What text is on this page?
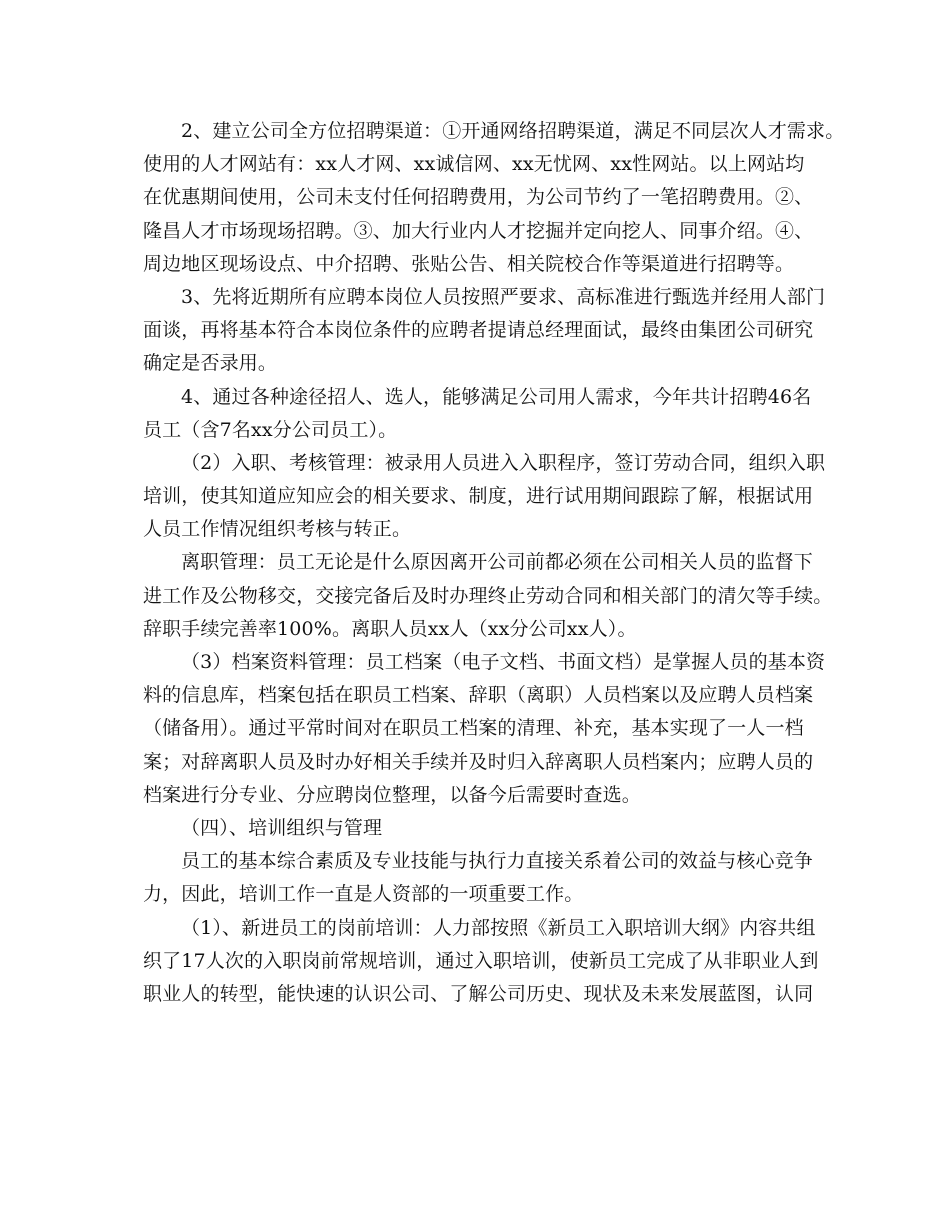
2、建立公司全方位招聘渠道：①开通网络招聘渠道，满足不同层次人才需求。
使用的人才网站有：xx人才网、xx诚信网、xx无忧网、xx性网站。以上网站均
在优惠期间使用，公司未支付任何招聘费用，为公司节约了一笔招聘费用。②、
隆昌人才市场现场招聘。③、加大行业内人才挖掘并定向挖人、同事介绍。④、
周边地区现场设点、中介招聘、张贴公告、相关院校合作等渠道进行招聘等。
3、先将近期所有应聘本岗位人员按照严要求、高标准进行甄选并经用人部门
面谈，再将基本符合本岗位条件的应聘者提请总经理面试，最终由集团公司研究
确定是否录用。
4、通过各种途径招人、选人，能够满足公司用人需求，今年共计招聘46名
员工（含7名xx分公司员工）。
（2）入职、考核管理：被录用人员进入入职程序，签订劳动合同，组织入职
培训，使其知道应知应会的相关要求、制度，进行试用期间跟踪了解，根据试用
人员工作情况组织考核与转正。
离职管理：员工无论是什么原因离开公司前都必须在公司相关人员的监督下
进工作及公物移交，交接完备后及时办理终止劳动合同和相关部门的清欠等手续。
辞职手续完善率100%。离职人员xx人（xx分公司xx人）。
（3）档案资料管理：员工档案（电子文档、书面文档）是掌握人员的基本资
料的信息库，档案包括在职员工档案、辞职（离职）人员档案以及应聘人员档案
（储备用）。通过平常时间对在职员工档案的清理、补充，基本实现了一人一档
案；对辞离职人员及时办好相关手续并及时归入辞离职人员档案内；应聘人员的
档案进行分专业、分应聘岗位整理，以备今后需要时查选。
（四）、培训组织与管理
员工的基本综合素质及专业技能与执行力直接关系着公司的效益与核心竞争
力，因此，培训工作一直是人资部的一项重要工作。
（1）、新进员工的岗前培训：人力部按照《新员工入职培训大纲》内容共组
织了17人次的入职岗前常规培训，通过入职培训，使新员工完成了从非职业人到
职业人的转型，能快速的认识公司、了解公司历史、现状及未来发展蓝图，认同
